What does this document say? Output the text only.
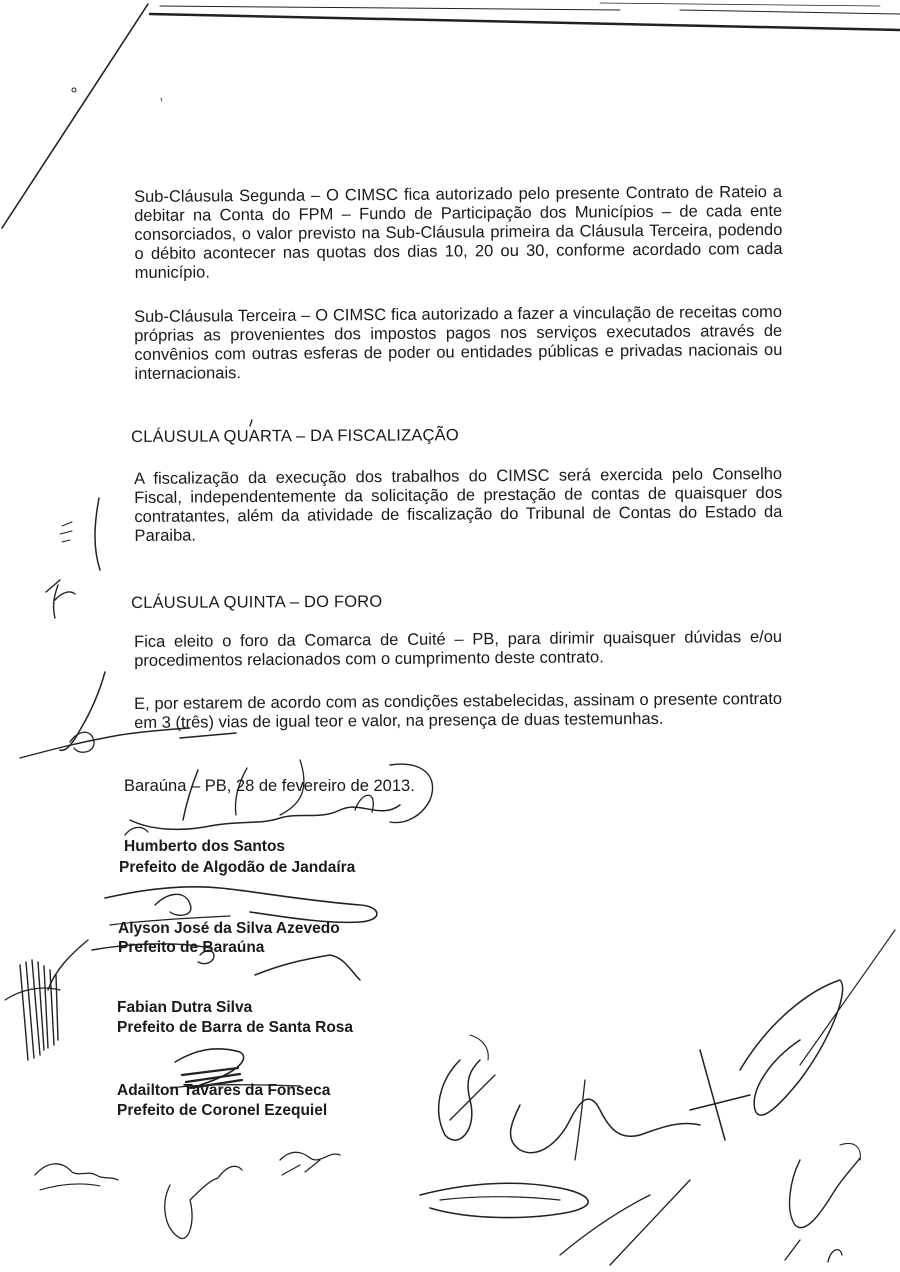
Sub-Cláusula Segunda – O CIMSC fica autorizado pelo presente Contrato de Rateio a debitar na Conta do FPM – Fundo de Participação dos Municípios – de cada ente consorciados, o valor previsto na Sub-Cláusula primeira da Cláusula Terceira, podendo o débito acontecer nas quotas dos dias 10, 20 ou 30, conforme acordado com cada município.

Sub-Cláusula Terceira – O CIMSC fica autorizado a fazer a vinculação de receitas como próprias as provenientes dos impostos pagos nos serviços executados através de convênios com outras esferas de poder ou entidades públicas e privadas nacionais ou internacionais.

CLÁUSULA QUARTA – DA FISCALIZAÇÃO

A fiscalização da execução dos trabalhos do CIMSC será exercida pelo Conselho Fiscal, independentemente da solicitação de prestação de contas de quaisquer dos contratantes, além da atividade de fiscalização do Tribunal de Contas do Estado da Paraiba.

CLÁUSULA QUINTA – DO FORO

Fica eleito o foro da Comarca de Cuité – PB, para dirimir quaisquer dúvidas e/ou procedimentos relacionados com o cumprimento deste contrato.

E, por estarem de acordo com as condições estabelecidas, assinam o presente contrato em 3 (três) vias de igual teor e valor, na presença de duas testemunhas.

Baraúna – PB, 28 de fevereiro de 2013.
Humberto dos Santos
Prefeito de Algodão de Jandaíra
Alyson José da Silva Azevedo
Prefeito de Baraúna
Fabian Dutra Silva
Prefeito de Barra de Santa Rosa
Adailton Tavares da Fonseca
Prefeito de Coronel Ezequiel
